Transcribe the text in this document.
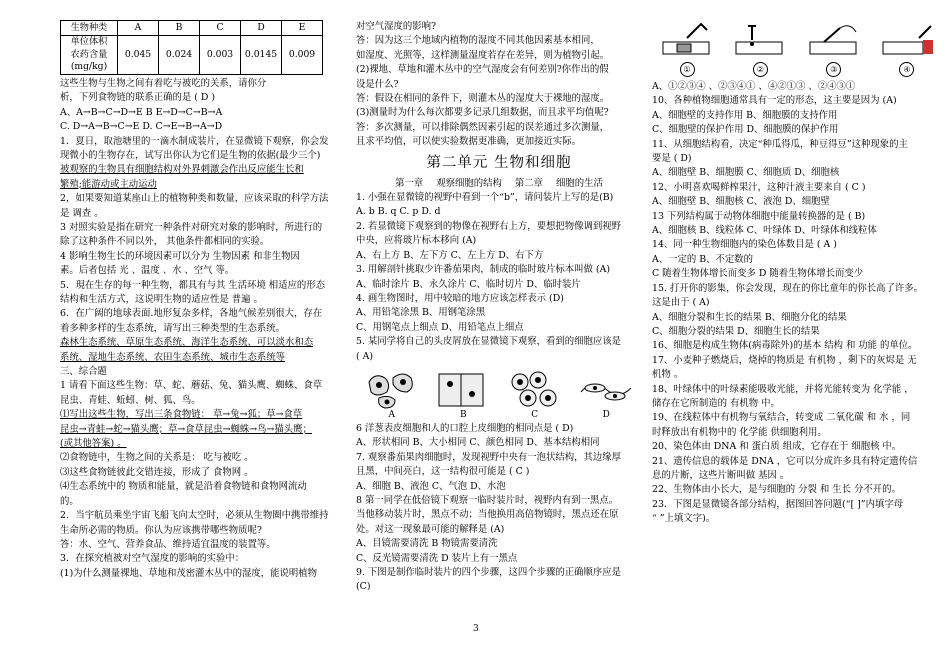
生物种类	A	B	C	D	E

单位体积
农药含量
(mg/kg)	0.045	0.024	0.003	0.0145	0.009

这些生物与生物之间有着吃与被吃的关系，请你分

析，下列食物链的联系正确的是 ( D )

A、A→B→C→D→E B E→D→C→B→A

C. D→A→B→C→E D. C→E→B→A→D

1．夏日，取池塘里的一滴水制成装片，在显微镜下观察，你会发

现微小的生物存在，试写出你认为它们是生物的依据(最少三个)

被观察的生物具有细胞结构对外界刺激会作出反应能生长和

繁殖;能游动或主动运动

2，如果要知道某座山上的植物种类和数量，应该采取的科学方法

是 调查 。

3 对照实验是指在研究一种条件对研究对象的影响时，所进行的

除了这种条件不同以外， 其他条件都相同的实验。

4 影响生物生长的环境因素可以分为 生物因素 和非生物因

素。后者包括 光 、温度 、水 、空气 等。

5．現在生存的每一种生物，都具有与其 生活环境 相适应的形态

结构和生活方式，这说明生物的适应性是 普遍 。

6．在广阔的地球表面.地形复杂多样，各地气候差别很大，存在

着多种多样的生态系统，请写出三种类型的生态系统。

森林生态系统、草原生态系统、海洋生态系统、可以淡水和态

系统、湿地生态系统、农田生态系统、城市生态系统等

三、综合题

1 请看下面这些生物：草、蛇、蘑菇、兔、猫头鹰、蜘蛛、食草

昆虫、青蛙、蚯蚓、树、狐、鸟。

⑴写出这些生物，写出三条食物链： 草→兔→狐；草→食草

昆虫→青蛙→蛇→猫头鹰；草→食草昆虫→蜘蛛→鸟→猫头鹰；

(或其他答案) 。

⑵食物链中，生物之间的关系是： 吃与被吃 。

⑶这些食物链彼此交错连接，形成了 食物网 。

⑷生态系统中的 物质和能量，就是沿着食物链和食物网流动

的。

2．当宇航员乘坐宇宙飞船飞向太空时，必须从生物圈中携带维持

生命所必需的物质。你认为应该携带哪些物质呢?

答：水、空气、营养食品、维持适宜温度的装置等。

3．在探究植被对空气湿度的影响的实验中：

(1)为什么测量裸地、草地和茂密灌木丛中的湿度，能说明植物

对空气湿度的影响?

答：因为这三个地域内植物的湿度不同其他因素基本相同，

如湿度、光照等，这样测量湿度若存在差异，则为植物引起。

(2)裸地、草地和灌木丛中的空气湿度会有何差别?你作出的假

设是什么?

答：假设在相同的条件下，则灌木丛的湿度大于裸地的湿度。

(3)测量时为什么每次都要多记录几组数据，而且求平均值呢?

答：多次测量，可以排除偶然因素引起的误差通过多次测量，

且求平均值，可以使实验数据更准确，更加接近实际。

第二单元 生物和细胞

第一章 观察细胞的结构 第二章 细胞的生活

1. 小强在显微镜的视野中看到一个“b”，请问装片上写的是(B)

A. b B. q C. p D. d

2. 若显微镜下观察到的物像在视野右上方，要想把物像调到视野

中央，应将玻片标本移向 (A)

A、右上方 B、左下方 C、左上方 D、右下方

3. 用解剖针挑取少许番茄果肉，制成的临时玻片标本叫做 (A)

A、临时涂片 B、永久涂片 C、临时切片 D、临时装片

4. 画生物图时，用中较暗的地方应该怎样表示 (D)

A、用铅笔涂黑 B、用钢笔涂黑

C、用钢笔点上细点 D、用铅笔点上细点

5. 某同学将自己的头皮屑放在显微镜下观察，看到的细胞应该是

( A)

A	B	C	D

6 洋葱表皮细胞和人的口腔上皮细胞的相同点是 ( D)

A、形状相同 B、大小相同 C、颜色相同 D、基本结构相同

7. 观察番茄果肉细胞时，发现视野中央有一泡状结构，其边缘厚

且黑，中间亮白，这一结构很可能是 ( C )

A、细胞 B、液泡 C、气泡 D、水泡

8 第一同学在低倍镜下观察一临时装片时，视野内有到一黑点。

当他移动装片时，黑点不动；当他换用高倍物镜时，黑点还在原

处。对这一现象最可能的解释是 (A)

A、目镜需要清洗 B 物镜需要清洗

C、反光镜需要清洗 D 装片上有一黑点

9. 下图是制作临时装片的四个步骤，这四个步骤的正确顺序应是

(C)

①	②	③	④

A、①②③④ 、②③④① 、④②①③ 、②④③①

10、各种植物细胞通常具有一定的形态，这主要是因为 (A)

A、细胞壁的支持作用 B、细胞膜的支持作用

C、细胞壁的保护作用 D、细胞膜的保护作用

11、从细胞结构看，决定“种瓜得瓜，种豆得豆”这种现象的主

要是 ( D)

A、细胞壁 B、细胞膜 C、细胞质 D、细胞核

12、小明喜欢喝鲜榨果汁，这种汁液主要来自 ( C )

A、细胞壁 B、细胞核 C、液泡 D、细胞壁

13 下列结构属于动物体细胞中能量转换器的是 ( B)

A、细胞核 B、线粒体 C、叶绿体 D、叶绿体和线粒体

14、同一种生物细胞内的染色体数目是 ( A )

A、一定的 B、不定数的

C 随着生物体增长而变多 D 随着生物体增长而变少

15. 打开你的影集，你会发现，现在的你比童年的你长高了许多。

这是由于 ( A)

A、细胞分裂和生长的结果 B、细胞分化的结果

C、细胞分裂的结果 D、细胞生长的结果

16、细胞是构成生物体(病毒除外)的基本 结构 和 功能 的单位。

17、小麦种子燃烧后，烧掉的物质是 有机物 ，剩下的灰烬是 无

机物 。

18、叶绿体中的叶绿素能吸收光能，并将光能转变为 化学能 ，

储存在它所制造的 有机物 中。

19、在线粒体中有机物与氧结合，转变成 二氧化碳 和 水 ，同

时释放出有机物中的 化学能 供细胞利用。

20、染色体由 DNA 和 蛋白质 组成，它存在于 细胞核 中。

21、遗传信息的载体是 DNA ，它可以分成许多具有特定遗传信

息的片断，这些片断叫做 基因 。

22、生物体由小长大，是与细胞的 分裂 和 生长 分不开的。

23．下图是显微镜各部分结构，据图回答问题(“[ ]”内填字母

“ ”上填文字)。

3
